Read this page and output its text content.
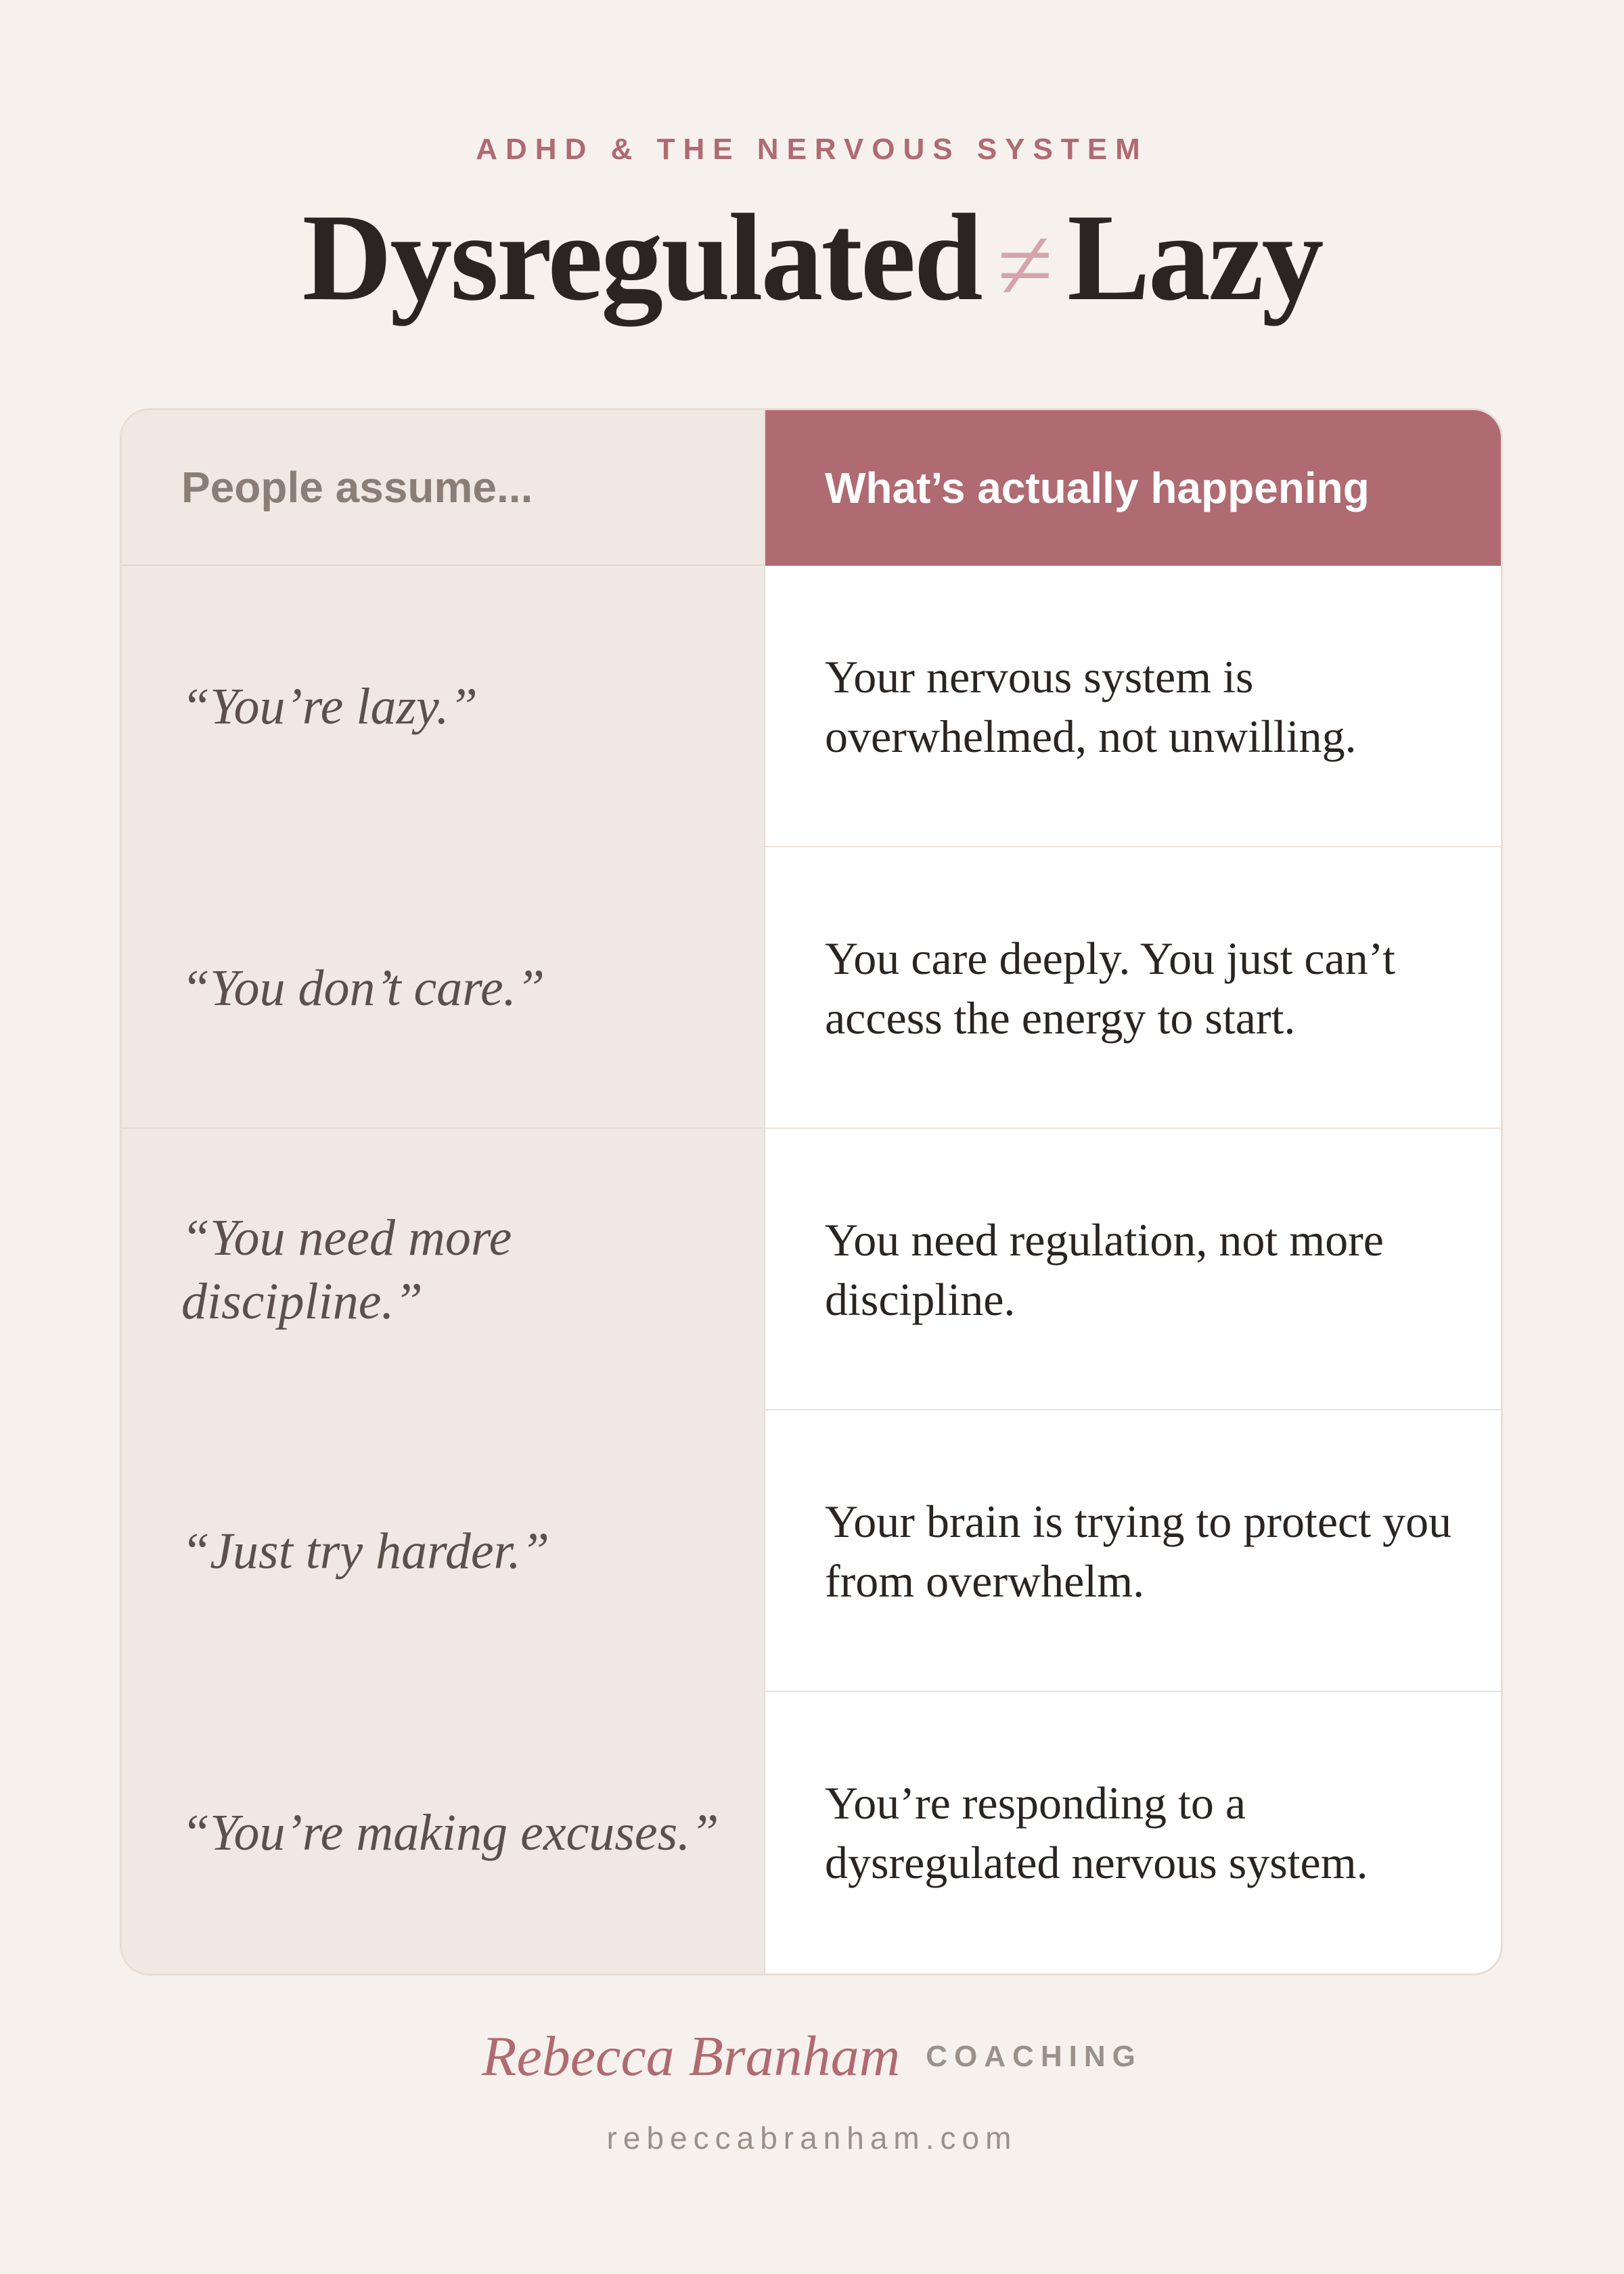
ADHD & THE NERVOUS SYSTEM
Dysregulated ≠ Lazy
People assume...	What’s actually happening
“You’re lazy.”
Your nervous system is overwhelmed, not unwilling.
“You don’t care.”
You care deeply. You just can’t access the energy to start.
“You need more discipline.”
You need regulation, not more discipline.
“Just try harder.”
Your brain is trying to protect you from overwhelm.
“You’re making excuses.”
You’re responding to a dysregulated nervous system.
Rebecca Branham COACHING
rebeccabranham.com
